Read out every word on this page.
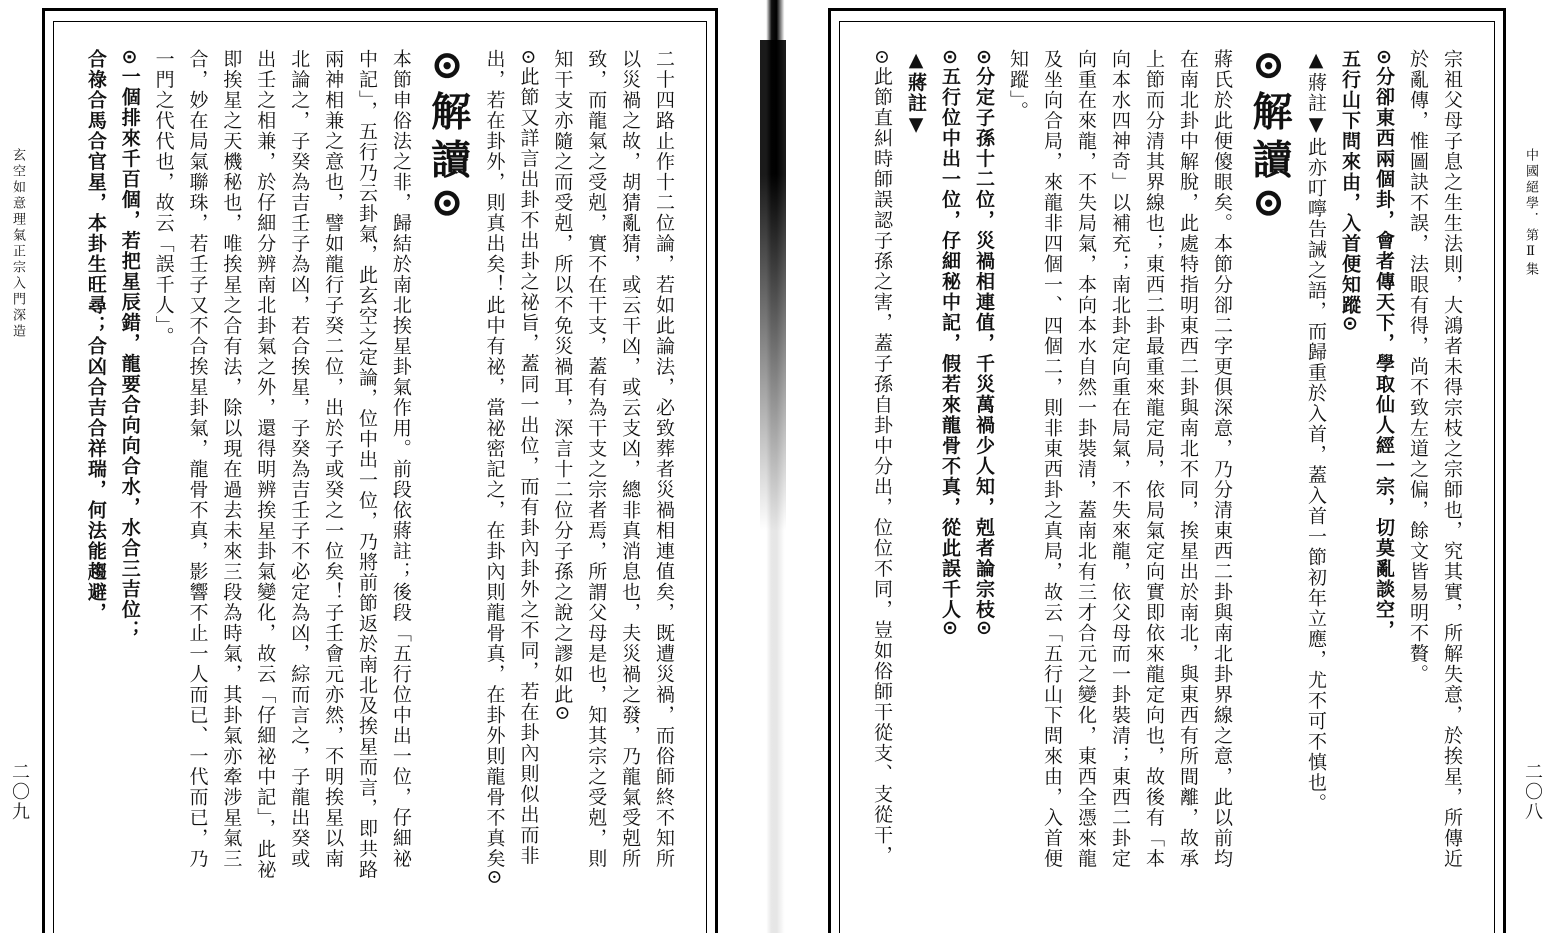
玄空如意理氣正宗入門深造
二〇九	二十四路止作十二位論，若如此論法，必致葬者災禍相連值矣，既遭災禍，而俗師終不知所
以災禍之故，胡猜亂猜，或云干凶，或云支凶，總非真消息也，夫災禍之發，乃龍氣受剋所
致，而龍氣之受剋，實不在干支，蓋有為干支之宗者焉，所謂父母是也，知其宗之受剋，則
知干支亦隨之而受剋，所以不免災禍耳，深言十二位分子孫之說之謬如此⊙
⊙此節又詳言出卦不出卦之祕旨，蓋同一出位，而有卦內卦外之不同，若在卦內則似出而非
出，若在卦外，則真出矣！此中有祕，當祕密記之，在卦內則龍骨真，在卦外則龍骨不真矣⊙
⊙解讀⊙
本節申俗法之非，歸結於南北挨星卦氣作用。前段依蔣註；後段「五行位中出一位，仔細祕
中記」，五行乃云卦氣，此玄空之定論，位中出一位，乃將前節返於南北及挨星而言，即共路
兩神相兼之意也，譬如龍行子癸二位，出於子或癸之一位矣！子壬會元亦然，不明挨星以南
北論之，子癸為吉壬子為凶，若合挨星，子癸為吉壬子不必定為凶，綜而言之，子龍出癸或
出壬之相兼，於仔細分辨南北卦氣之外，還得明辨挨星卦氣變化，故云「仔細祕中記」，此祕
即挨星之天機秘也，唯挨星之合有法，除以現在過去未來三段為時氣，其卦氣亦牽涉星氣三
合，妙在局氣聯珠，若壬子又不合挨星卦氣，龍骨不真，影響不止一人而已、一代而已，乃
一門之代代也，故云「誤千人」。
⊙一個排來千百個，若把星辰錯，龍要合向向合水，水合三吉位；
合祿合馬合官星，本卦生旺尋；合凶合吉合祥瑞，何法能趨避，	宗祖父母子息之生生法則，大鴻者未得宗枝之宗師也，究其實，所解失意，於挨星，所傳近
於亂傳，惟圖訣不誤，法眼有得，尚不致左道之偏，餘文皆易明不贅。
⊙分卻東西兩個卦，會者傳天下，學取仙人經一宗，切莫亂談空，
五行山下問來由，入首便知蹤⊙
▲蔣註▼此亦叮嚀告誡之語，而歸重於入首，蓋入首一節初年立應，尤不可不慎也。
⊙解讀⊙
蔣氏於此便傻眼矣。本節分卻二字更俱深意，乃分清東西二卦與南北卦界線之意，此以前均
在南北卦中解脫，此處特指明東西二卦與南北不同，挨星出於南北，與東西有所間離，故承
上節而分清其界線也；東西二卦最重來龍定局，依局氣定向實即依來龍定向也，故後有「本
向本水四神奇」以補充；南北卦定向重在局氣，不失來龍，依父母而一卦裝清；東西二卦定
向重在來龍，不失局氣，本向本水自然一卦裝清，蓋南北有三才合元之變化，東西全憑來龍
及坐向合局，來龍非四個一、四個二，則非東西卦之真局，故云「五行山下問來由，入首便
知蹤」。
⊙分定子孫十二位，災禍相連值，千災萬禍少人知，剋者論宗枝⊙
⊙五行位中出一位，仔細秘中記，假若來龍骨不真，從此誤千人⊙
▲蔣註▼
⊙此節直糾時師誤認子孫之害，蓋子孫自卦中分出，位位不同，豈如俗師干從支、支從干，	中國絕學．第Ⅱ集
二〇八
